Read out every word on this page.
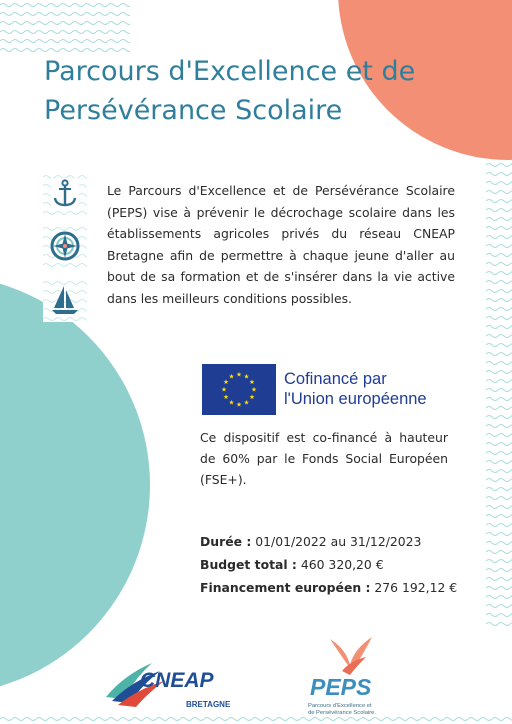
Parcours d'Excellence et de Persévérance Scolaire

Le Parcours d'Excellence et de Persévérance Scolaire (PEPS) vise à prévenir le décrochage scolaire dans les établissements agricoles privés du réseau CNEAP Bretagne afin de permettre à chaque jeune d'aller au bout de sa formation et de s'insérer dans la vie active dans les meilleurs conditions possibles.

Cofinancé par
l'Union européenne

Ce dispositif est co-financé à hauteur de 60% par le Fonds Social Européen (FSE+).

Durée : 01/01/2022 au 31/12/2023
Budget total : 460 320,20 €
Financement européen : 276 192,12 €
CNEAP
BRETAGNE
PEPS
Parcours d'Excellence et
de Persévérance Scolaire.
